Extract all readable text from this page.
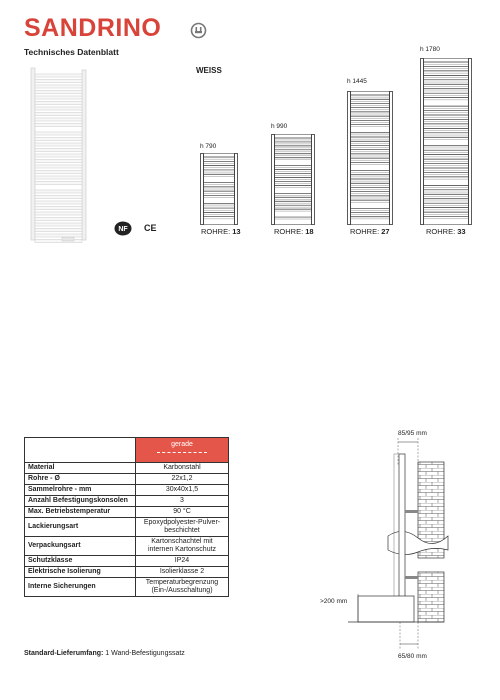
SANDRINO
Technisches Datenblatt
WEISS
NF CE
h 790
ROHRE: 13
h 990
ROHRE: 18
h 1445
ROHRE: 27
h 1780
ROHRE: 33
	gerade

Material	Karbonstahl
Rohre - Ø	22x1,2
Sammelrohre - mm	30x40x1,5
Anzahl Befestigungskonsolen	3
Max. Betriebstemperatur	90 °C
Lackierungsart	Epoxydpolyester-Pulver-beschichtet
Verpackungsart	Kartonschachtel mit internen Kartonschutz
Schutzklasse	IP24
Elektrische Isolierung	Isolierklasse 2
Interne Sicherungen	Temperaturbegrenzung (Ein-/Ausschaltung)
Standard-Lieferumfang: 1 Wand-Befestigungssatz
85/95 mm
>200 mm
65/80 mm
